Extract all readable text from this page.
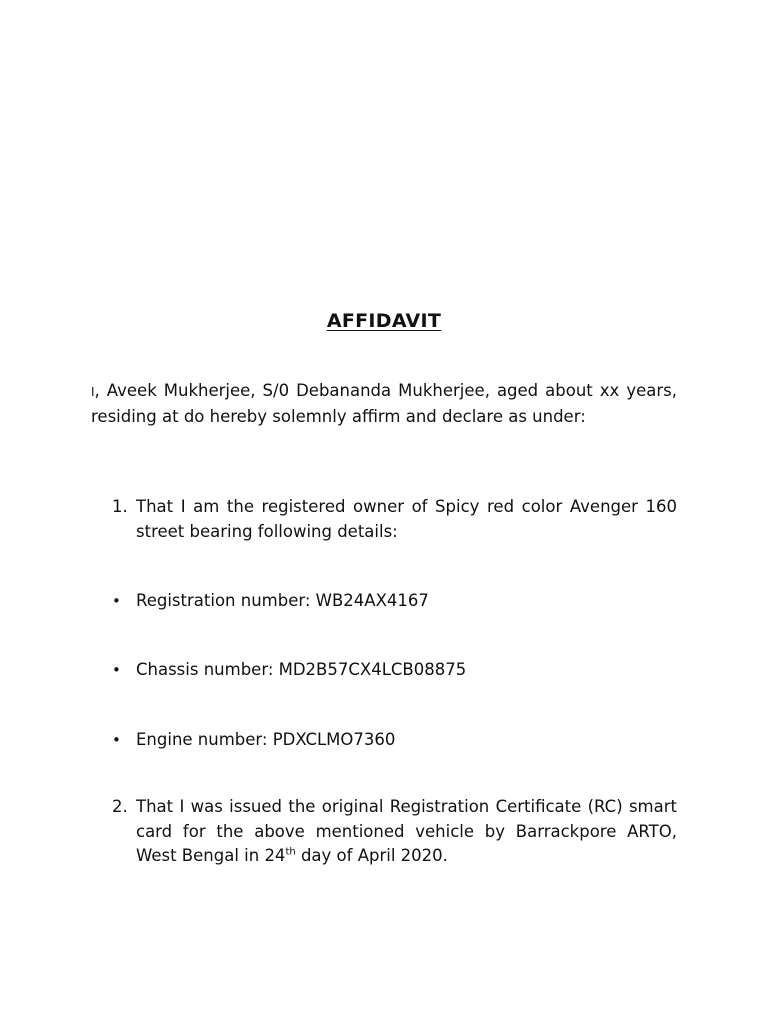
AFFIDAVIT
I, Aveek Mukherjee, S/0 Debananda Mukherjee, aged about xx years, residing at do hereby solemnly affirm and declare as under:
1. That I am the registered owner of Spicy red color Avenger 160 street bearing following details:
• Registration number: WB24AX4167
• Chassis number: MD2B57CX4LCB08875
• Engine number: PDXCLMO7360
2. That I was issued the original Registration Certificate (RC) smart card for the above mentioned vehicle by Barrackpore ARTO, West Bengal in 24th day of April 2020.
